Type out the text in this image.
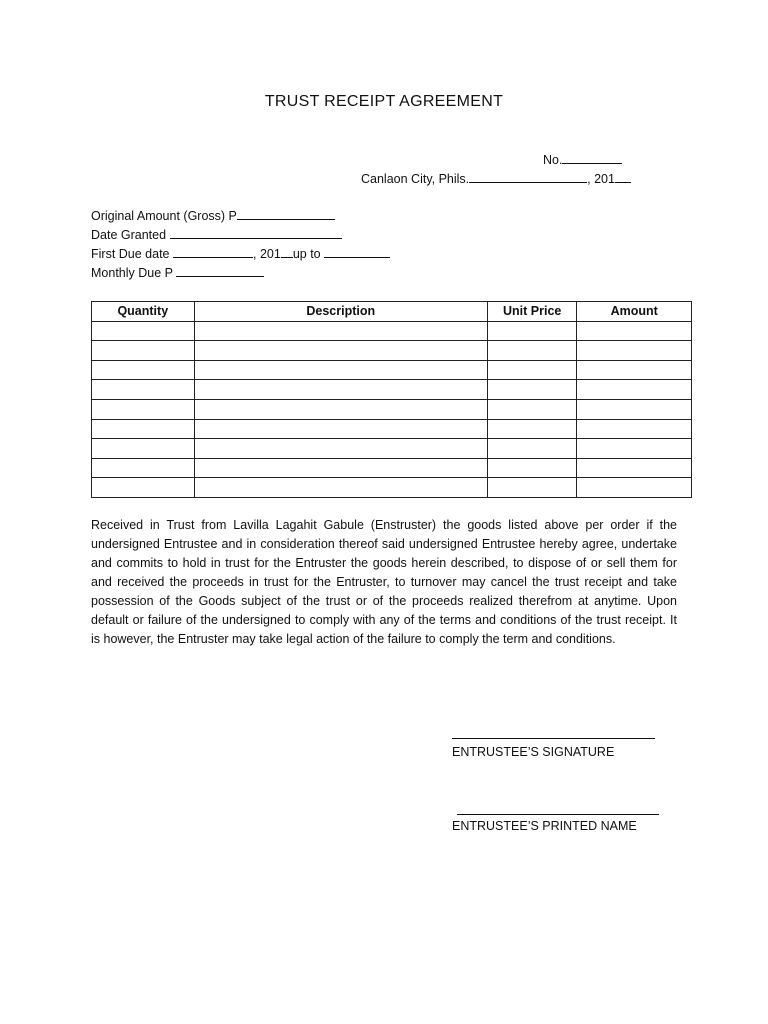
TRUST RECEIPT AGREEMENT
No.
Canlaon City, Phils.	, 201
Original Amount (Gross) P
Date Granted
First Due date	, 201 up to
Monthly Due P
Quantity	Description	Unit Price	Amount

Received in Trust from Lavilla Lagahit Gabule (Enstruster) the goods listed above per order if the undersigned Entrustee and in consideration thereof said undersigned Entrustee hereby agree, undertake and commits to hold in trust for the Entruster the goods herein described, to dispose of or sell them for and received the proceeds in trust for the Entruster, to turnover may cancel the trust receipt and take possession of the Goods subject of the trust or of the proceeds realized therefrom at anytime. Upon default or failure of the undersigned to comply with any of the terms and conditions of the trust receipt. It is however, the Entruster may take legal action of the failure to comply the term and conditions.
ENTRUSTEE’S SIGNATURE
ENTRUSTEE’S PRINTED NAME
